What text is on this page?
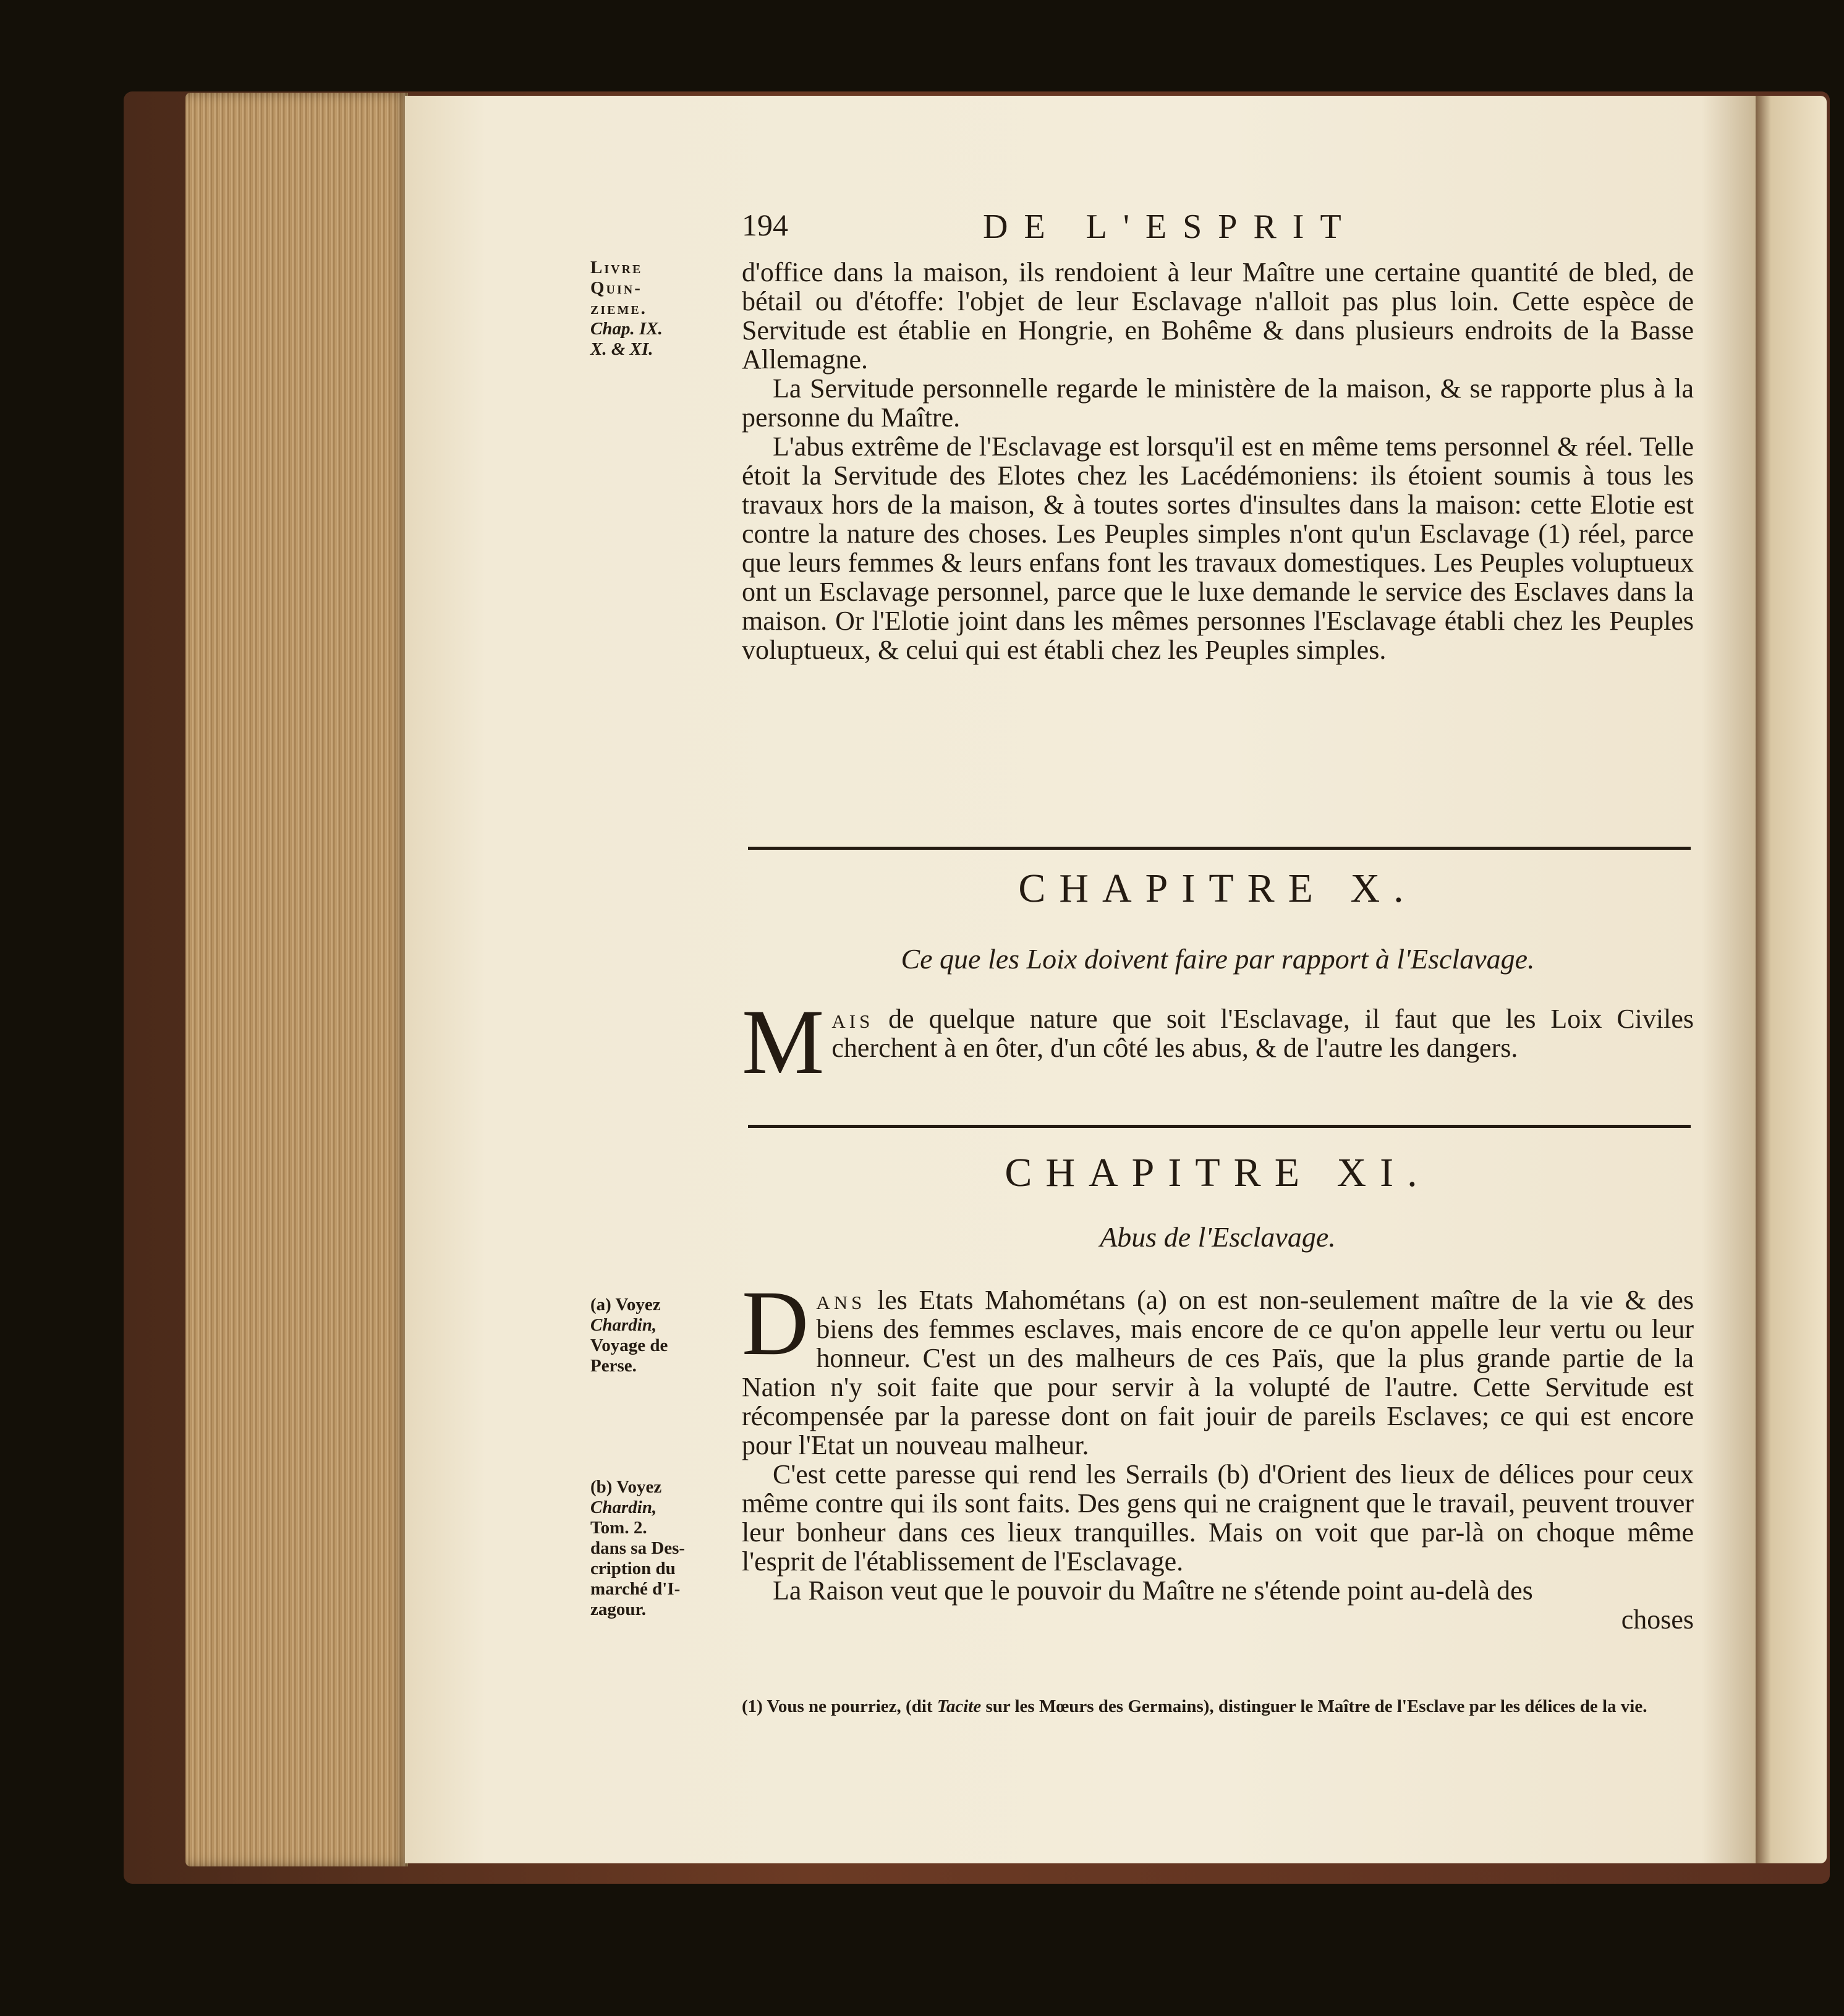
194	DE L'ESPRIT
Livre
Quin-
zieme.
Chap. IX.
X. & XI.

d'office dans la maison, ils rendoient à leur Maître une certaine quantité de bled, de bétail ou d'étoffe: l'objet de leur Esclavage n'alloit pas plus loin. Cette espèce de Servitude est établie en Hongrie, en Bohême & dans plusieurs endroits de la Basse Allemagne.

La Servitude personnelle regarde le ministère de la maison, & se rapporte plus à la personne du Maître.

L'abus extrême de l'Esclavage est lorsqu'il est en même tems personnel & réel. Telle étoit la Servitude des Elotes chez les Lacédémoniens: ils étoient soumis à tous les travaux hors de la maison, & à toutes sortes d'insultes dans la maison: cette Elotie est contre la nature des choses. Les Peuples simples n'ont qu'un Esclavage (1) réel, parce que leurs femmes & leurs enfans font les travaux domestiques. Les Peuples voluptueux ont un Esclavage personnel, parce que le luxe demande le service des Esclaves dans la maison. Or l'Elotie joint dans les mêmes personnes l'Esclavage établi chez les Peuples voluptueux, & celui qui est établi chez les Peuples simples.

CHAPITRE X.
Ce que les Loix doivent faire par rapport à l'Esclavage.
Mais de quelque nature que soit l'Esclavage, il faut que les Loix Civiles cherchent à en ôter, d'un côté les abus, & de l'autre les dangers.
CHAPITRE XI.
Abus de l'Esclavage.
(a) Voyez
Chardin,
Voyage de
Perse.	Dans les Etats Mahométans (a) on est non-seulement maître de la vie & des biens des femmes esclaves, mais encore de ce qu'on appelle leur vertu ou leur honneur. C'est un des malheurs de ces Païs, que la plus grande partie de la Nation n'y soit faite que pour servir à la volupté de l'autre. Cette Servitude est récompensée par la paresse dont on fait jouir de pareils Esclaves; ce qui est encore pour l'Etat un nouveau malheur.

C'est cette paresse qui rend les Serrails (b) d'Orient des lieux de délices pour ceux même contre qui ils sont faits. Des gens qui ne craignent que le travail, peuvent trouver leur bonheur dans ces lieux tranquilles. Mais on voit que par-là on choque même l'esprit de l'établissement de l'Esclavage.

La Raison veut que le pouvoir du Maître ne s'étende point au-delà des

choses

(b) Voyez
Chardin,
Tom. 2.
dans sa Des-
cription du
marché d'I-
zagour.
(1) Vous ne pourriez, (dit Tacite sur les Mœurs des Germains), distinguer le Maître de l'Esclave par les délices de la vie.
